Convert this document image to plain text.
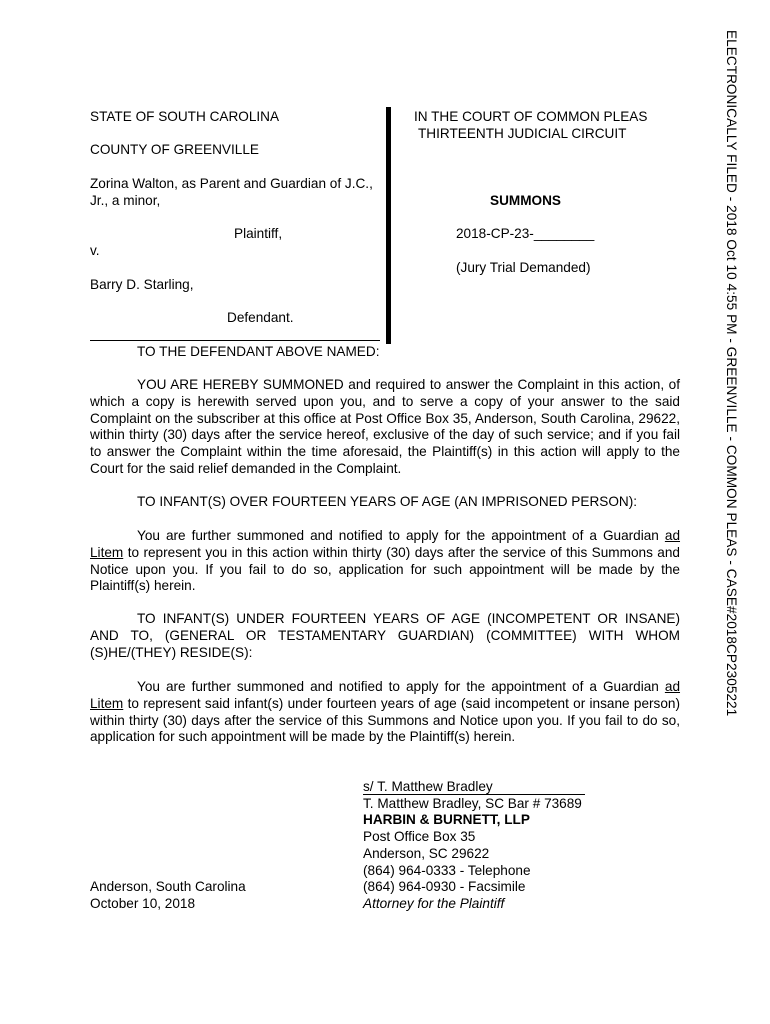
ELECTRONICALLY FILED - 2018 Oct 10 4:55 PM - GREENVILLE - COMMON PLEAS - CASE#2018CP2305221
STATE OF SOUTH CAROLINA
COUNTY OF GREENVILLE
Zorina Walton, as Parent and Guardian of J.C.,
Jr., a minor,
Plaintiff,
v.
Barry D. Starling,
Defendant.
IN THE COURT OF COMMON PLEAS
THIRTEENTH JUDICIAL CIRCUIT
SUMMONS
2018-CP-23-________
(Jury Trial Demanded)
TO THE DEFENDANT ABOVE NAMED:
YOU ARE HEREBY SUMMONED and required to answer the Complaint in this action, of which a copy is herewith served upon you, and to serve a copy of your answer to the said Complaint on the subscriber at this office at Post Office Box 35, Anderson, South Carolina, 29622, within thirty (30) days after the service hereof, exclusive of the day of such service; and if you fail to answer the Complaint within the time aforesaid, the Plaintiff(s) in this action will apply to the Court for the said relief demanded in the Complaint.
TO INFANT(S) OVER FOURTEEN YEARS OF AGE (AN IMPRISONED PERSON):
You are further summoned and notified to apply for the appointment of a Guardian ad Litem to represent you in this action within thirty (30) days after the service of this Summons and Notice upon you. If you fail to do so, application for such appointment will be made by the Plaintiff(s) herein.
TO INFANT(S) UNDER FOURTEEN YEARS OF AGE (INCOMPETENT OR INSANE) AND TO, (GENERAL OR TESTAMENTARY GUARDIAN) (COMMITTEE) WITH WHOM (S)HE/(THEY) RESIDE(S):
You are further summoned and notified to apply for the appointment of a Guardian ad Litem to represent said infant(s) under fourteen years of age (said incompetent or insane person) within thirty (30) days after the service of this Summons and Notice upon you. If you fail to do so, application for such appointment will be made by the Plaintiff(s) herein.
s/ T. Matthew Bradley
T. Matthew Bradley, SC Bar # 73689
HARBIN & BURNETT, LLP
Post Office Box 35
Anderson, SC 29622
(864) 964-0333 - Telephone
(864) 964-0930 - Facsimile
Attorney for the Plaintiff
Anderson, South Carolina
October 10, 2018
